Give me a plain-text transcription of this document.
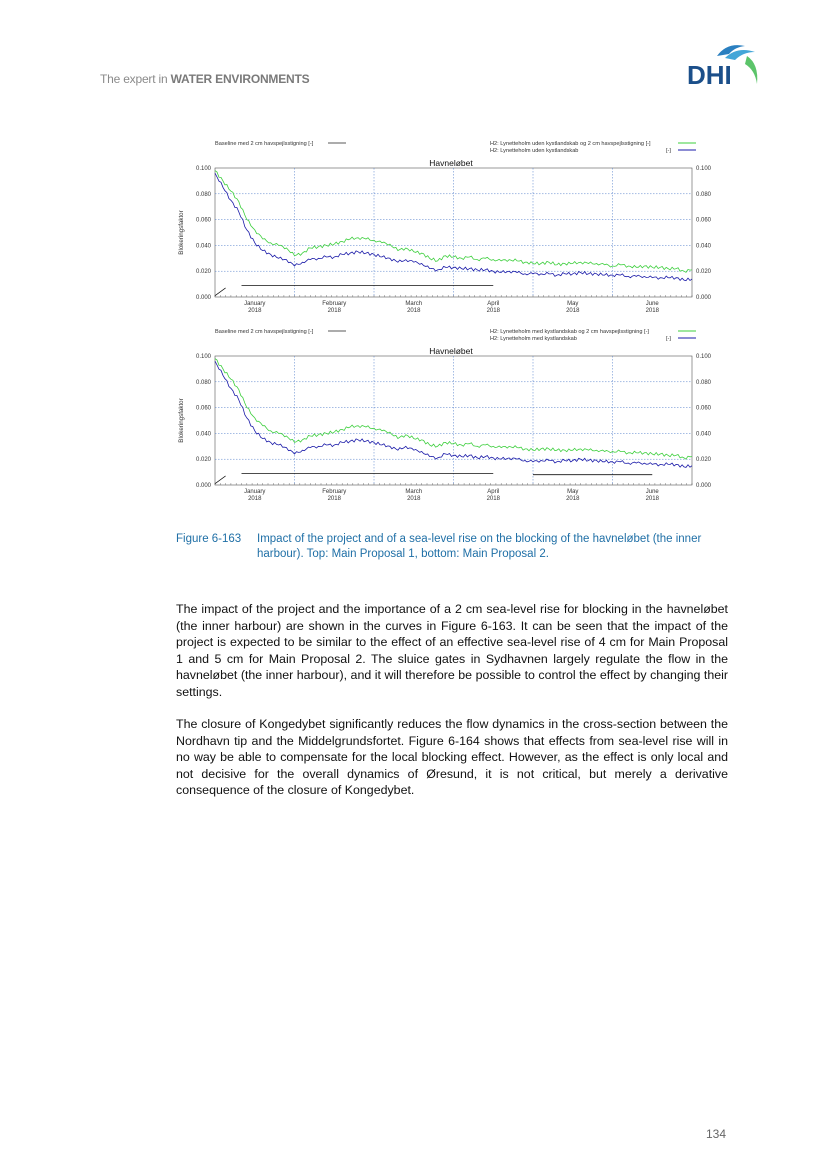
The expert in WATER ENVIRONMENTS	DHI
Baseline med 2 cm havspejlsstigning [-]	H2: Lynetteholm uden kystlandskab og 2 cm havspejlsstigning [-]
H2: Lynetteholm uden kystlandskab	[-]
Havneløbet
0.000	0.000
0.020	0.020
0.040	0.040
0.060	0.060
0.080	0.080
0.100	0.100
January
2018
February
2018
March
2018
April
2018
May
2018
June
2018
Blokeringsfaktor
Baseline med 2 cm havspejlsstigning [-]	H2: Lynetteholm med kystlandskab og 2 cm havspejlsstigning [-]
H2: Lynetteholm med kystlandskab	[-]
Havneløbet
0.000	0.000
0.020	0.020
0.040	0.040
0.060	0.060
0.080	0.080
0.100	0.100
January
2018
February
2018
March
2018
April
2018
May
2018
June
2018
Blokeringsfaktor
Figure 6-163 Impact of the project and of a sea-level rise on the blocking of the havneløbet (the inner harbour). Top: Main Proposal 1, bottom: Main Proposal 2.

The impact of the project and the importance of a 2 cm sea-level rise for blocking in the havneløbet (the inner harbour) are shown in the curves in Figure 6-163. It can be seen that the impact of the project is expected to be similar to the effect of an effective sea-level rise of 4 cm for Main Proposal 1 and 5 cm for Main Proposal 2. The sluice gates in Sydhavnen largely regulate the flow in the havneløbet (the inner harbour), and it will therefore be possible to control the effect by changing their settings.

The closure of Kongedybet significantly reduces the flow dynamics in the cross-section between the Nordhavn tip and the Middelgrundsfortet. Figure 6-164 shows that effects from sea-level rise will in no way be able to compensate for the local blocking effect. However, as the effect is only local and not decisive for the overall dynamics of Øresund, it is not critical, but merely a derivative consequence of the closure of Kongedybet.

134
